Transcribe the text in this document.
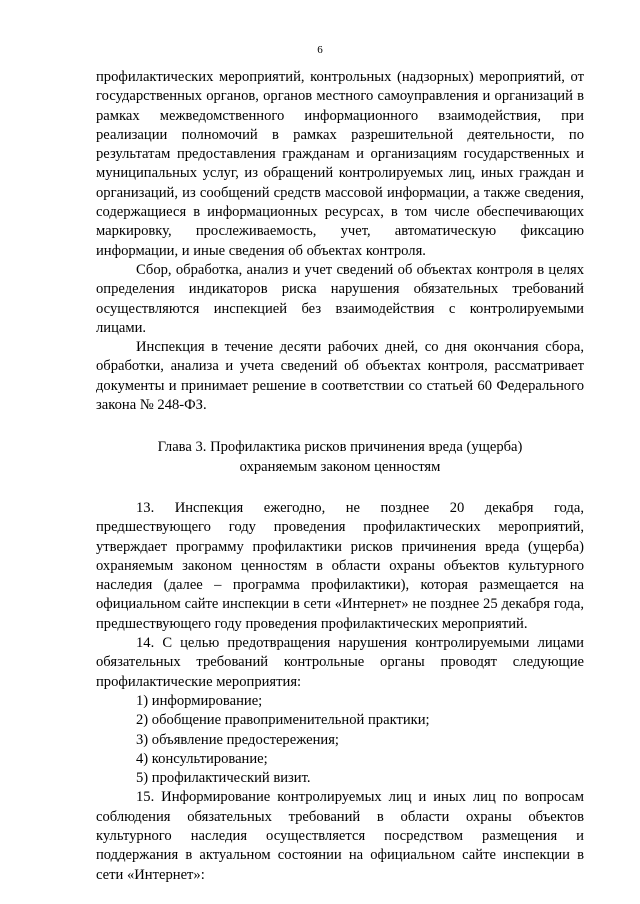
6

профилактических мероприятий, контрольных (надзорных) мероприятий, от государственных органов, органов местного самоуправления и организаций в рамках межведомственного информационного взаимодействия, при реализации полномочий в рамках разрешительной деятельности, по результатам предоставления гражданам и организациям государственных и муниципальных услуг, из обращений контролируемых лиц, иных граждан и организаций, из сообщений средств массовой информации, а также сведения, содержащиеся в информационных ресурсах, в том числе обеспечивающих маркировку, прослеживаемость, учет, автоматическую фиксацию информации, и иные сведения об объектах контроля.

Сбор, обработка, анализ и учет сведений об объектах контроля в целях определения индикаторов риска нарушения обязательных требований осуществляются инспекцией без взаимодействия с контролируемыми лицами.

Инспекция в течение десяти рабочих дней, со дня окончания сбора, обработки, анализа и учета сведений об объектах контроля, рассматривает документы и принимает решение в соответствии со статьей 60 Федерального закона № 248-ФЗ.

Глава 3. Профилактика рисков причинения вреда (ущерба)
охраняемым законом ценностям

13. Инспекция ежегодно, не позднее 20 декабря года, предшествующего году проведения профилактических мероприятий, утверждает программу профилактики рисков причинения вреда (ущерба) охраняемым законом ценностям в области охраны объектов культурного наследия (далее – программа профилактики), которая размещается на официальном сайте инспекции в сети «Интернет» не позднее 25 декабря года, предшествующего году проведения профилактических мероприятий.

14. С целью предотвращения нарушения контролируемыми лицами обязательных требований контрольные органы проводят следующие профилактические мероприятия:

1) информирование;

2) обобщение правоприменительной практики;

3) объявление предостережения;

4) консультирование;

5) профилактический визит.

15. Информирование контролируемых лиц и иных лиц по вопросам соблюдения обязательных требований в области охраны объектов культурного наследия осуществляется посредством размещения и поддержания в актуальном состоянии на официальном сайте инспекции в сети «Интернет»:
